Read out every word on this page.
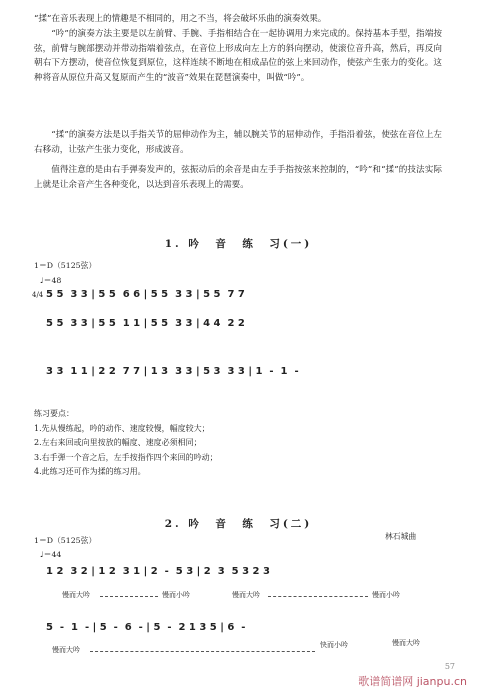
“揉”在音乐表现上的情趣是不相同的，用之不当，将会破坏乐曲的演奏效果。
“吟”的演奏方法主要是以左前臂、手腕、手指相结合在一起协调用力来完成的。保持基本手型，指端按弦，前臂与腕部摆动并带动指端着弦点，在音位上形成向左上方的斜向摆动，使滚位音升高，然后，再反向朝右下方摆动，使音位恢复到原位，这样连续不断地在相成品位的弦上来回动作，使弦产生张力的变化。这种将音从原位升高又复原而产生的“波音”效果在琵琶演奏中，叫做“吟”。
“揉”的演奏方法是以手指关节的屈伸动作为主，辅以腕关节的屈伸动作，手指沿着弦，使弦在音位上左右移动，让弦产生张力变化，形成波音。
值得注意的是由右手弹奏发声的，弦振动后的余音是由左手手指按弦来控制的，“吟”和“揉”的技法实际上就是让余音产生各种变化，以达到音乐表现上的需要。
1. 吟　音　练　习(一)
1＝D（5125弦）
♩＝48
4/4 5 5  3 3 | 5 5  6 6 | 5 5  3 3 | 5 5  7 7
5 5  3 3 | 5 5  1 1 | 5 5  3 3 | 4 4  2 2
3 3  1 1 | 2 2  7 7 | 1 3  3 3 | 5 3  3 3 | 1  -  1  -
练习要点：
1.先从慢练起，吟的动作、速度较慢，幅度较大；
2.左右来回或向里按放的幅度、速度必须相同；
3.右手弹一个音之后，左手按指作四个来回的吟动；
4.此练习还可作为揉的练习用。
2. 吟　音　练　习(二)
林石城曲
1＝D（5125弦）
♩＝44
1 2  3 2 | 1 2  3 1 | 2  -  5 3 | 2  3  5 3 2 3
慢而大吟	慢而小吟	慢而大吟	慢而小吟
5  -  1  - | 5  -  6  - | 5  -  2 1 3 5 | 6  -
慢而大吟
快而小吟	慢而大吟
57
歌谱简谱网 jianpu.cn
